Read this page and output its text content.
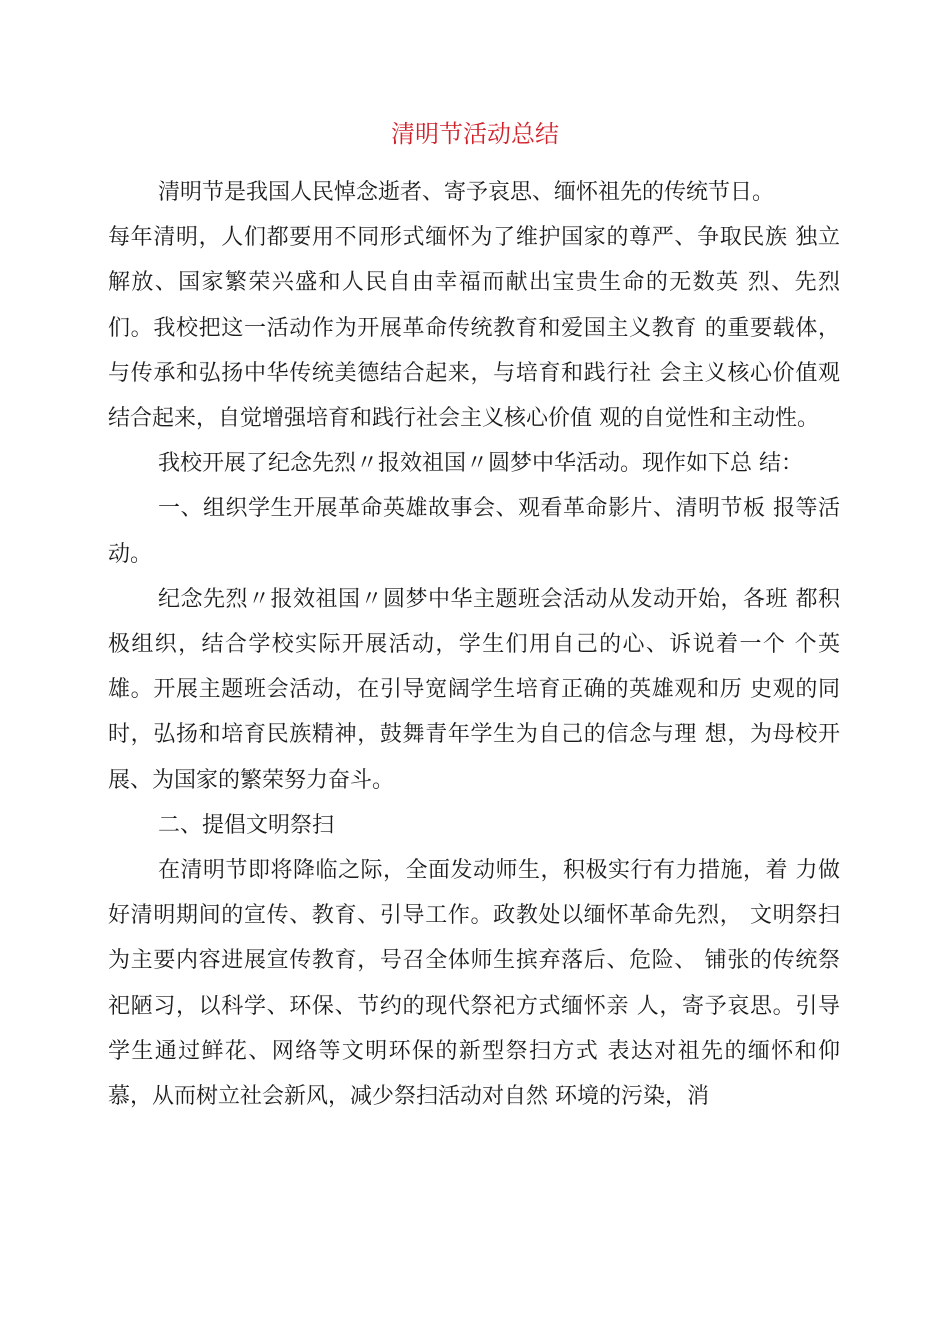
清明节活动总结

清明节是我国人民悼念逝者、寄予哀思、缅怀祖先的传统节日。

每年清明，人们都要用不同形式缅怀为了维护国家的尊严、争取民族 独立解放、国家繁荣兴盛和人民自由幸福而献出宝贵生命的无数英 烈、先烈们。我校把这一活动作为开展革命传统教育和爱国主义教育 的重要载体，与传承和弘扬中华传统美德结合起来，与培育和践行社 会主义核心价值观结合起来，自觉增强培育和践行社会主义核心价值 观的自觉性和主动性。

我校开展了纪念先烈〃报效祖国〃圆梦中华活动。现作如下总 结：

一、组织学生开展革命英雄故事会、观看革命影片、清明节板 报等活动。

纪念先烈〃报效祖国〃圆梦中华主题班会活动从发动开始，各班 都积极组织，结合学校实际开展活动，学生们用自己的心、诉说着一个 个英雄。开展主题班会活动，在引导宽阔学生培育正确的英雄观和历 史观的同时，弘扬和培育民族精神，鼓舞青年学生为自己的信念与理 想，为母校开展、为国家的繁荣努力奋斗。

二、提倡文明祭扫

在清明节即将降临之际，全面发动师生，积极实行有力措施，着 力做好清明期间的宣传、教育、引导工作。政教处以缅怀革命先烈， 文明祭扫为主要内容进展宣传教育，号召全体师生摈弃落后、危险、 铺张的传统祭祀陋习，以科学、环保、节约的现代祭祀方式缅怀亲 人，寄予哀思。引导学生通过鲜花、网络等文明环保的新型祭扫方式 表达对祖先的缅怀和仰慕，从而树立社会新风，减少祭扫活动对自然 环境的污染，消
